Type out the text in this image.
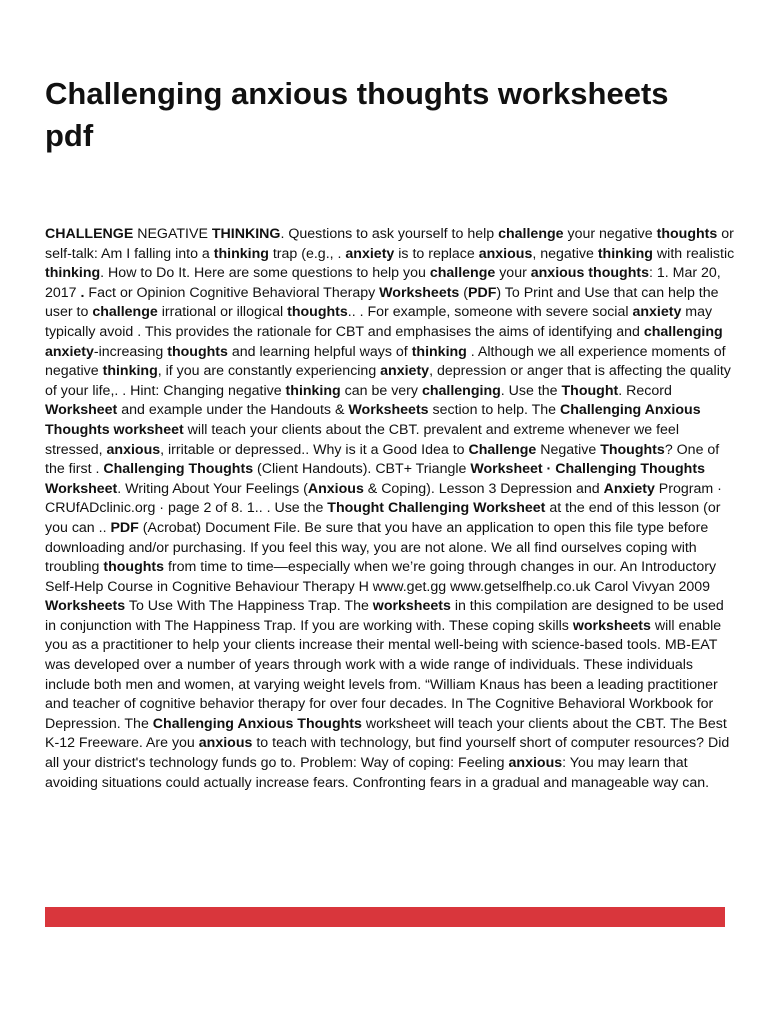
Challenging anxious thoughts worksheets pdf

CHALLENGE NEGATIVE THINKING. Questions to ask yourself to help challenge your negative thoughts or self-talk: Am I falling into a thinking trap (e.g., . anxiety is to replace anxious, negative thinking with realistic thinking. How to Do It. Here are some questions to help you challenge your anxious thoughts: 1. Mar 20, 2017 . Fact or Opinion Cognitive Behavioral Therapy Worksheets (PDF) To Print and Use that can help the user to challenge irrational or illogical thoughts.. . For example, someone with severe social anxiety may typically avoid . This provides the rationale for CBT and emphasises the aims of identifying and challenging anxiety-increasing thoughts and learning helpful ways of thinking . Although we all experience moments of negative thinking, if you are constantly experiencing anxiety, depression or anger that is affecting the quality of your life,. . Hint: Changing negative thinking can be very challenging. Use the Thought. Record Worksheet and example under the Handouts & Worksheets section to help. The Challenging Anxious Thoughts worksheet will teach your clients about the CBT. prevalent and extreme whenever we feel stressed, anxious, irritable or depressed.. Why is it a Good Idea to Challenge Negative Thoughts? One of the first . Challenging Thoughts (Client Handouts). CBT+ Triangle Worksheet · Challenging Thoughts Worksheet. Writing About Your Feelings (Anxious & Coping). Lesson 3 Depression and Anxiety Program · CRUfADclinic.org · page 2 of 8. 1.. . Use the Thought Challenging Worksheet at the end of this lesson (or you can .. PDF (Acrobat) Document File. Be sure that you have an application to open this file type before downloading and/or purchasing. If you feel this way, you are not alone. We all find ourselves coping with troubling thoughts from time to time—especially when we’re going through changes in our. An Introductory Self-Help Course in Cognitive Behaviour Therapy H www.get.gg www.getselfhelp.co.uk Carol Vivyan 2009 Worksheets To Use With The Happiness Trap. The worksheets in this compilation are designed to be used in conjunction with The Happiness Trap. If you are working with. These coping skills worksheets will enable you as a practitioner to help your clients increase their mental well-being with science-based tools. MB-EAT was developed over a number of years through work with a wide range of individuals. These individuals include both men and women, at varying weight levels from. “William Knaus has been a leading practitioner and teacher of cognitive behavior therapy for over four decades. In The Cognitive Behavioral Workbook for Depression. The Challenging Anxious Thoughts worksheet will teach your clients about the CBT. The Best K-12 Freeware. Are you anxious to teach with technology, but find yourself short of computer resources? Did all your district's technology funds go to. Problem: Way of coping: Feeling anxious: You may learn that avoiding situations could actually increase fears. Confronting fears in a gradual and manageable way can.
